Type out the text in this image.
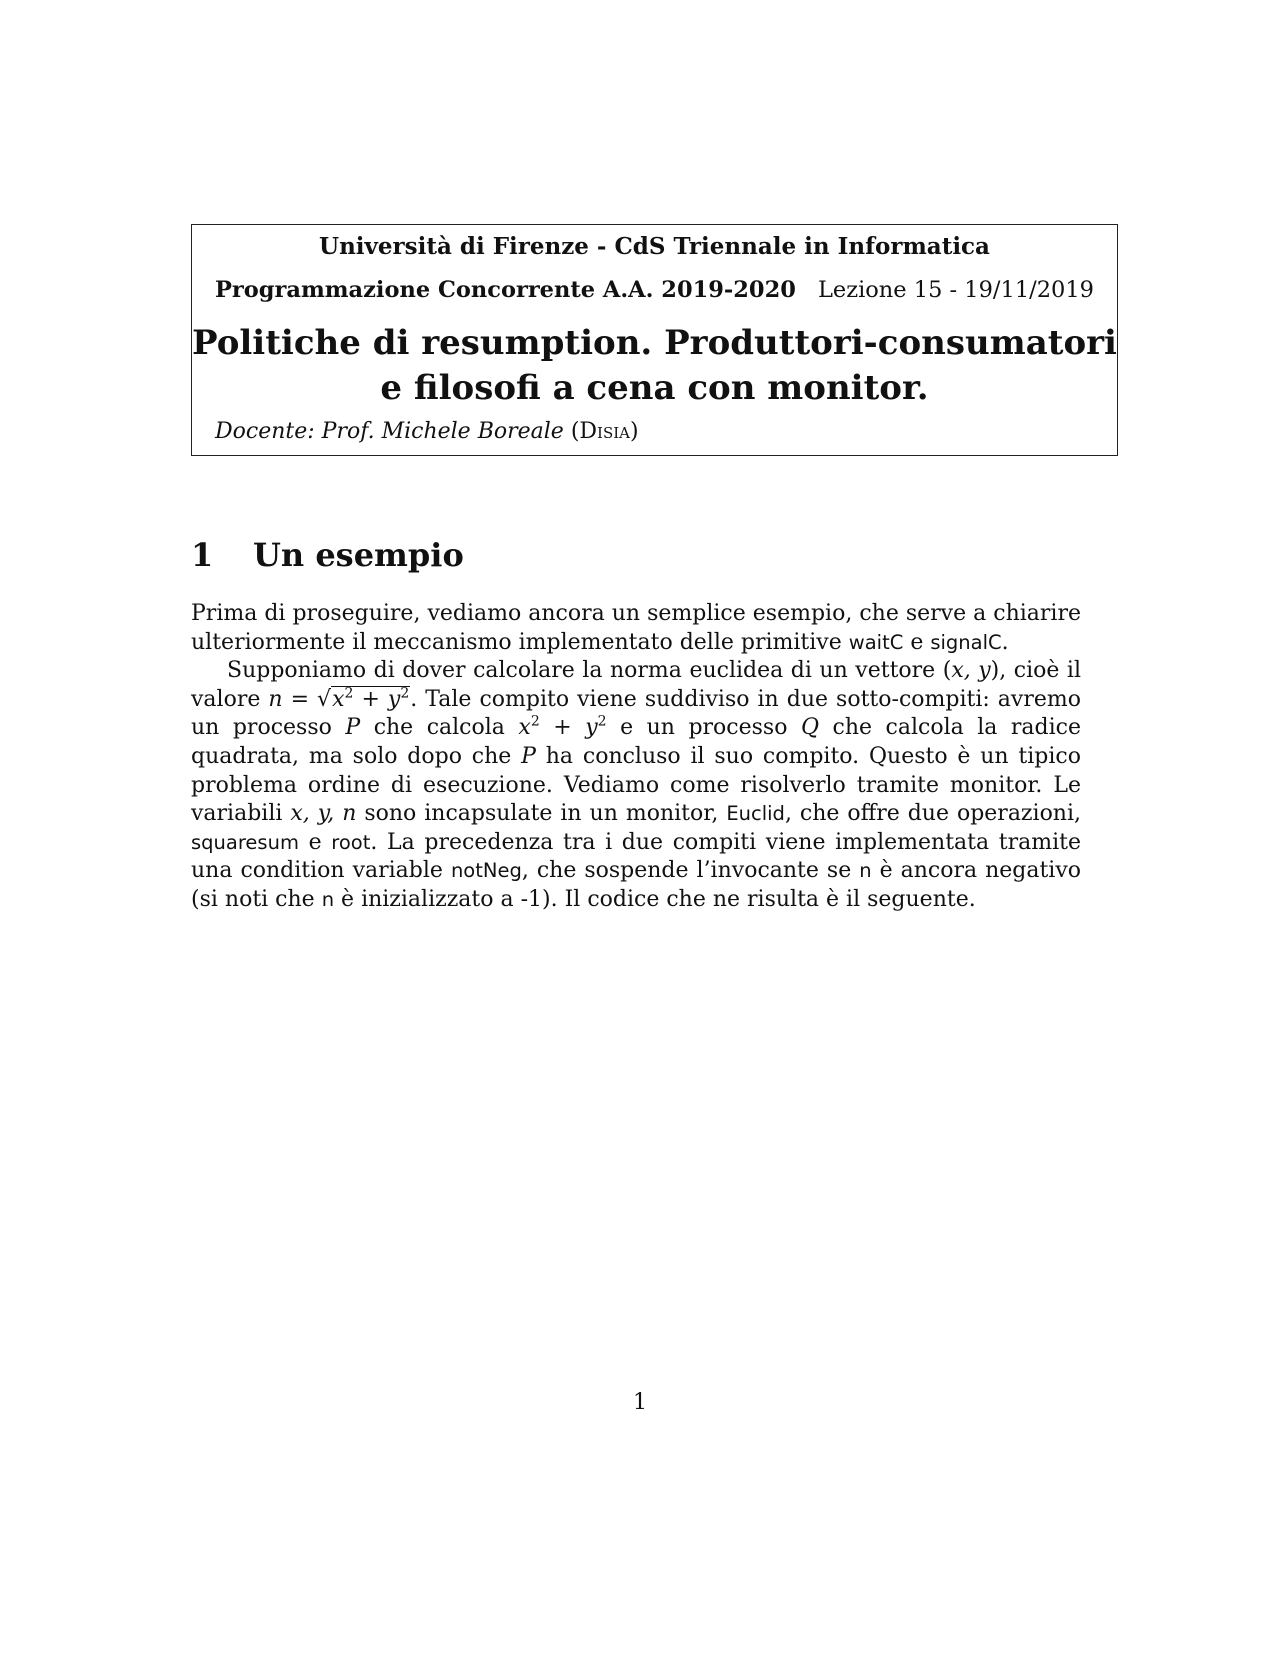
Università di Firenze - CdS Triennale in Informatica
Programmazione Concorrente A.A. 2019-2020 Lezione 15 - 19/11/2019
Politiche di resumption. Produttori-consumatori
e filosofi a cena con monitor.
Docente: Prof. Michele Boreale (Disia)
1 Un esempio

Prima di proseguire, vediamo ancora un semplice esempio, che serve a chiarire ulteriormente il meccanismo implementato delle primitive waitC e signalC.

Supponiamo di dover calcolare la norma euclidea di un vettore (x, y), cioè il valore $n = √x^2 + y^2$. Tale compito viene suddiviso in due sotto-compiti: avremo un processo P che calcola $x^2 + y^2$ e un processo Q che calcola la radice quadrata, ma solo dopo che P ha concluso il suo compito. Questo è un tipico problema ordine di esecuzione. Vediamo come risolverlo tramite monitor. Le variabili x, y, n sono incapsulate in un monitor, Euclid, che offre due operazioni, squaresum e root. La precedenza tra i due compiti viene implementata tramite una condition variable notNeg, che sospende l’invocante se n è ancora negativo (si noti che n è inizializzato a -1). Il codice che ne risulta è il seguente.

1
